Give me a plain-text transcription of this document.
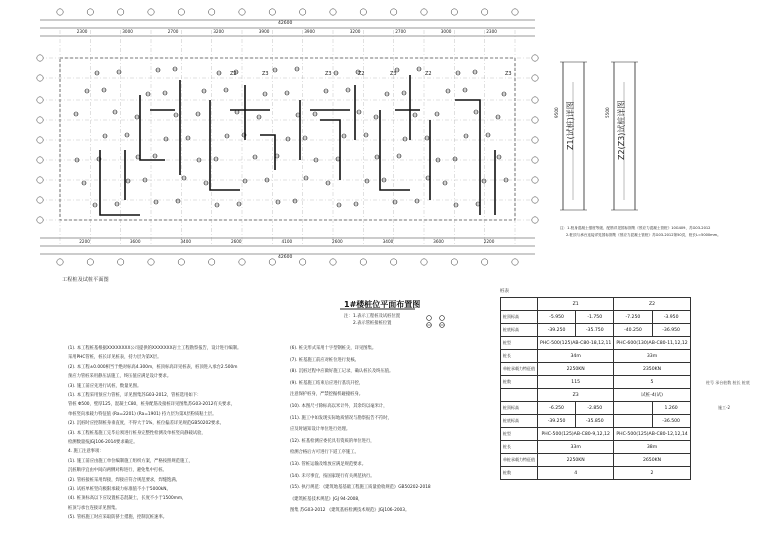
2300	3000	2700	3200	3900	3900	3200	2700	3000	2300
42600
2200	3600	3400	2600	4100	2600	3400	3600	2200
42600
Z2	Z3	Z3	Z2	Z3	Z2	Z3
工程桩及试桩平面图
Z1(试桩)详图	Z2(Z3)试桩详图
9500	5500
注：1.桩身混凝土强度等级、配筋详见国标图集《预应力混凝土管桩》10G409、苏G03-2012
2.桩顶与承台连接详见国标图集《预应力混凝土管桩》苏G03-2012第50页，桩长L=5000mm。
1#楼桩位平面布置图
注： 1.表示工程桩及试桩位置
2.表示管桩接桩位置
(1). 本工程桩基根据XXXXXXXX公司提供的XXXXXXX岩土工程勘察报告，设计进行编制。
采用PHC管桩，桩长详见桩表，持力层为第X层。
(2). 本工程±0.000相当于绝对标高4.300m，桩顶标高详见桩表，桩顶进入承台2.500m
预应力管桩采用静压法施工，终压值应满足设计要求。
(3). 施工前应先进行试桩，数量见图。
(1). 本工程采用预应力管桩，详见图集苏G03-2012，管桩选用如下：
管桩 Φ500，壁厚125，混凝土C80，桩身配筋及接桩详见图集苏G03-2012有关要求，
单桩竖向承载力特征值 (Ra=2201) (Ra=1901) 持力层为第X层粉质粘土层。
(2). 沉桩时应控制桩身垂直度，不得大于1%，桩位偏差详见规范GB50202要求。
(3). 本工程桩基施工完毕后须进行桩身完整性检测及单桩竖向静载试验，
检测数量按JGJ106-2014要求确定。
4. 施工注意事项：
(1). 施工前应由施工单位编制施工组织方案，严格按照规范施工，
沉桩顺序宜由中间向两侧对称进行，避免集中打桩。
(2). 管桩接桩采用焊接，焊接应符合规范要求，焊缝饱满。
(3). 试桩单桩竖向极限承载力标准值不小于5000kN。
(4). 桩顶标高以下应设置桩芯混凝土，长度不小于1500mm，
桩顶与承台连接详见图集。
(5). 管桩施工时应采取防挤土措施，控制沉桩速率。
(6). 桩尖形式采用十字型钢桩尖，详见图集。
(7). 桩基施工前应对桩位进行复核。
(8). 沉桩过程中应做好施工记录，确认桩长及终压值。
(9). 桩基施工结束后应进行基坑开挖，
注意保护桩身，严禁挖掘机碰撞桩身。
(10). 本图尺寸除标高以米计外，其余均以毫米计，
(11). 施工中如发现实际地质情况与勘察报告不符时，
应及时通知设计单位进行处理。
(12). 桩基检测应委托具有资质的单位进行，
检测合格后方可进行下道工序施工。
(13). 管桩运输及堆放应满足规范要求。
(14). 未尽事宜，按国家现行有关规范执行。
(15). 执行规范：《建筑地基基础工程施工质量验收规范》GB50202-2018
《建筑桩基技术规范》JGJ 94-2008，
图集 苏G03-2012 《建筑基桩检测技术规范》JGJ106-2003。
桩表
	Z1		Z2	
桩顶标高	-5.950	-1.750	-7.250	-3.950
桩底标高	-39.250	-35.750	-40.250	-36.950
桩型	PHC-500(125)AB-C80-18,12,11		PHC-600(130)AB-C80-11,12,12	
桩长	34m		33m	
单桩承载力特征值	2250KN		2350KN	
桩数	115		5	
	Z3		试桩-4(试)	
桩顶标高	-6.250	-2.850		1.260
桩底标高	-39.250	-35.850		-36.500
桩型	PHC-500(125)AB-C80-9,12,12		PHC-500(125)AB-C80-12,12,14	
桩长	33m		38m	
单桩承载力特征值	2250KN		2650KN	
桩数	4		2	
柱号 承台桩数 桩长 桩底
施工-2
